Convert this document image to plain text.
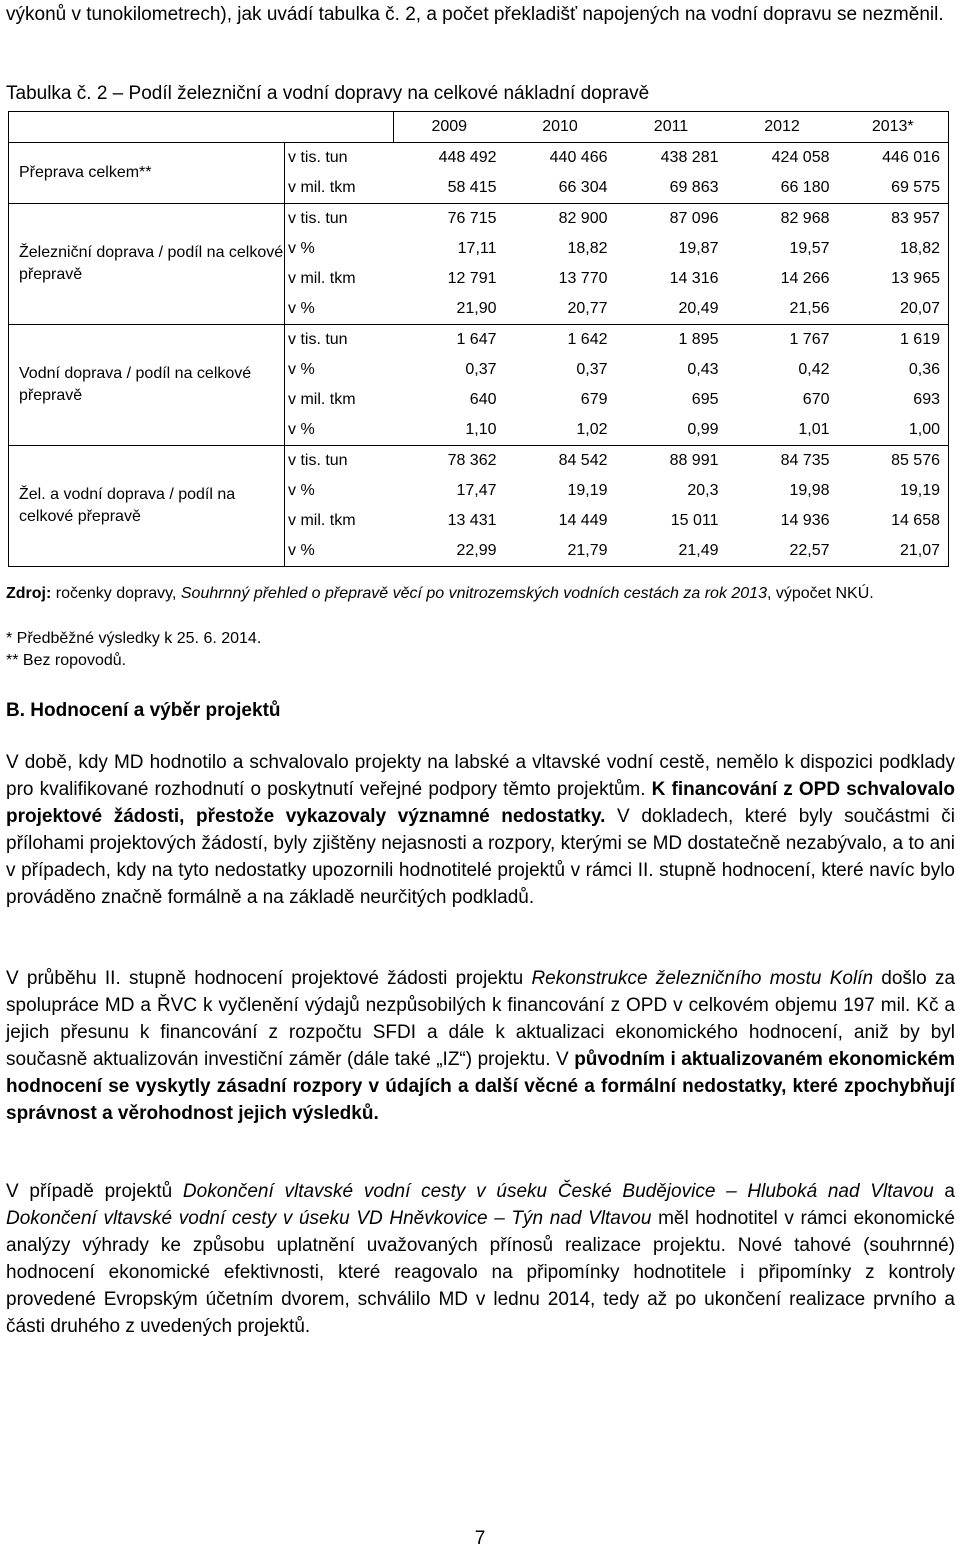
výkonů v tunokilometrech), jak uvádí tabulka č. 2, a počet překladišť napojených na vodní dopravu se nezměnil.

Tabulka č. 2 – Podíl železniční a vodní dopravy na celkové nákladní dopravě

		2009	2010	2011	2012	2013*
Přeprava celkem**	v tis. tun	448 492	440 466	438 281	424 058	446 016
	v mil. tkm	58 415	66 304	69 863	66 180	69 575
Železniční doprava / podíl na celkové přepravě	v tis. tun	76 715	82 900	87 096	82 968	83 957
	v %	17,11	18,82	19,87	19,57	18,82
	v mil. tkm	12 791	13 770	14 316	14 266	13 965
	v %	21,90	20,77	20,49	21,56	20,07
Vodní doprava / podíl na celkové přepravě	v tis. tun	1 647	1 642	1 895	1 767	1 619
	v %	0,37	0,37	0,43	0,42	0,36
	v mil. tkm	640	679	695	670	693
	v %	1,10	1,02	0,99	1,01	1,00
Žel. a vodní doprava / podíl na celkové přepravě	v tis. tun	78 362	84 542	88 991	84 735	85 576
	v %	17,47	19,19	20,3	19,98	19,19
	v mil. tkm	13 431	14 449	15 011	14 936	14 658
	v %	22,99	21,79	21,49	22,57	21,07

Zdroj: ročenky dopravy, Souhrnný přehled o přepravě věcí po vnitrozemských vodních cestách za rok 2013, výpočet NKÚ.

* Předběžné výsledky k 25. 6. 2014.

** Bez ropovodů.

B. Hodnocení a výběr projektů

V době, kdy MD hodnotilo a schvalovalo projekty na labské a vltavské vodní cestě, nemělo k dispozici podklady pro kvalifikované rozhodnutí o poskytnutí veřejné podpory těmto projektům. K financování z OPD schvalovalo projektové žádosti, přestože vykazovaly významné nedostatky. V dokladech, které byly součástmi či přílohami projektových žádostí, byly zjištěny nejasnosti a rozpory, kterými se MD dostatečně nezabývalo, a to ani v případech, kdy na tyto nedostatky upozornili hodnotitelé projektů v rámci II. stupně hodnocení, které navíc bylo prováděno značně formálně a na základě neurčitých podkladů.

V průběhu II. stupně hodnocení projektové žádosti projektu Rekonstrukce železničního mostu Kolín došlo za spolupráce MD a ŘVC k vyčlenění výdajů nezpůsobilých k financování z OPD v celkovém objemu 197 mil. Kč a jejich přesunu k financování z rozpočtu SFDI a dále k aktualizaci ekonomického hodnocení, aniž by byl současně aktualizován investiční záměr (dále také „IZ“) projektu. V původním i aktualizovaném ekonomickém hodnocení se vyskytly zásadní rozpory v údajích a další věcné a formální nedostatky, které zpochybňují správnost a věrohodnost jejich výsledků.

V případě projektů Dokončení vltavské vodní cesty v úseku České Budějovice – Hluboká nad Vltavou a Dokončení vltavské vodní cesty v úseku VD Hněvkovice – Týn nad Vltavou měl hodnotitel v rámci ekonomické analýzy výhrady ke způsobu uplatnění uvažovaných přínosů realizace projektu. Nové tahové (souhrnné) hodnocení ekonomické efektivnosti, které reagovalo na připomínky hodnotitele i připomínky z kontroly provedené Evropským účetním dvorem, schválilo MD v lednu 2014, tedy až po ukončení realizace prvního a části druhého z uvedených projektů.

7
